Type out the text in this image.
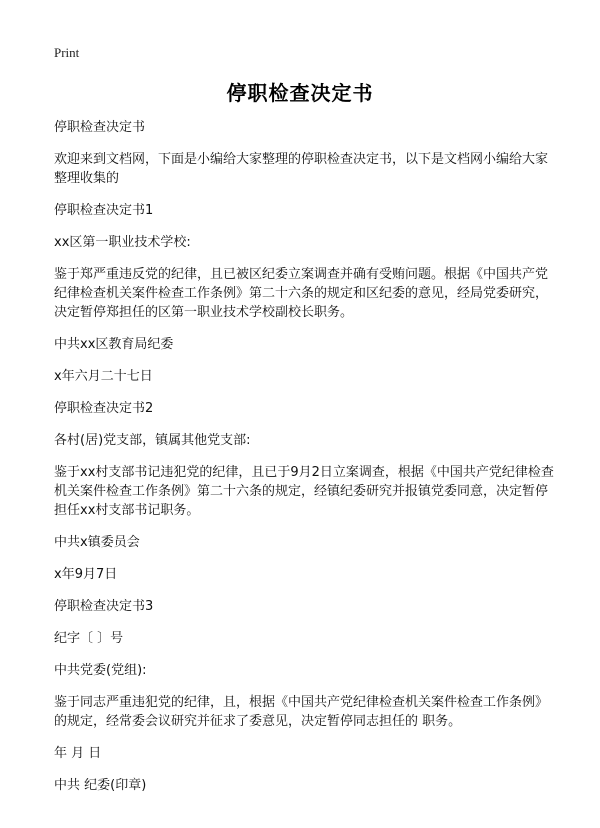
Print
停职检查决定书

停职检查决定书

欢迎来到文档网，下面是小编给大家整理的停职检查决定书，以下是文档网小编给大家整理收集的

停职检查决定书1

xx区第一职业技术学校:

鉴于郑严重违反党的纪律，且已被区纪委立案调查并确有受贿问题。根据《中国共产党纪律检查机关案件检查工作条例》第二十六条的规定和区纪委的意见，经局党委研究，决定暂停郑担任的区第一职业技术学校副校长职务。

中共xx区教育局纪委

x年六月二十七日

停职检查决定书2

各村(居)党支部，镇属其他党支部:

鉴于xx村支部书记违犯党的纪律，且已于9月2日立案调查，根据《中国共产党纪律检查机关案件检查工作条例》第二十六条的规定，经镇纪委研究并报镇党委同意，决定暂停担任xx村支部书记职务。

中共x镇委员会

x年9月7日

停职检查决定书3

纪字〔 〕号

中共党委(党组):

鉴于同志严重违犯党的纪律，且，根据《中国共产党纪律检查机关案件检查工作条例》的规定，经常委会议研究并征求了委意见，决定暂停同志担任的 职务。

年 月 日

中共 纪委(印章)
